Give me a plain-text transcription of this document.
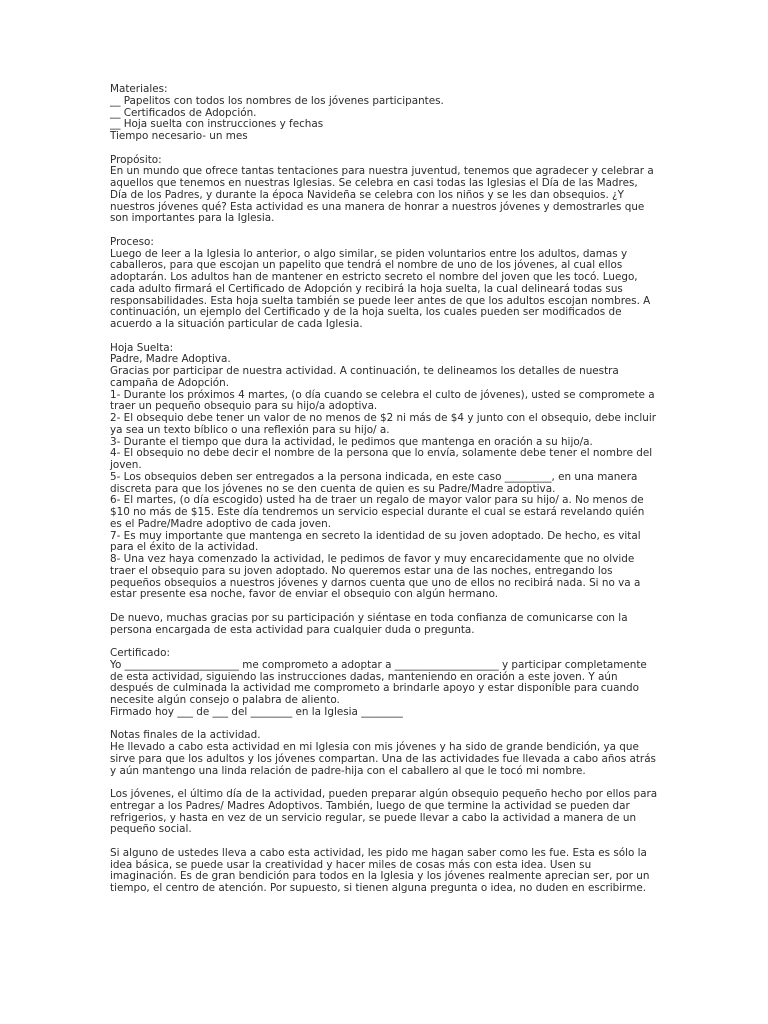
Materiales:
__ Papelitos con todos los nombres de los jóvenes participantes.
__ Certificados de Adopción.
__ Hoja suelta con instrucciones y fechas
Tiempo necesario- un mes
Propósito:
En un mundo que ofrece tantas tentaciones para nuestra juventud, tenemos que agradecer y celebrar a aquellos que tenemos en nuestras Iglesias. Se celebra en casi todas las Iglesias el Día de las Madres, Día de los Padres, y durante la época Navideña se celebra con los niños y se les dan obsequios. ¿Y nuestros jóvenes qué? Esta actividad es una manera de honrar a nuestros jóvenes y demostrarles que son importantes para la Iglesia.
Proceso:
Luego de leer a la Iglesia lo anterior, o algo similar, se piden voluntarios entre los adultos, damas y caballeros, para que escojan un papelito que tendrá el nombre de uno de los jóvenes, al cual ellos adoptarán. Los adultos han de mantener en estricto secreto el nombre del joven que les tocó. Luego, cada adulto firmará el Certificado de Adopción y recibirá la hoja suelta, la cual delineará todas sus responsabilidades. Esta hoja suelta también se puede leer antes de que los adultos escojan nombres. A continuación, un ejemplo del Certificado y de la hoja suelta, los cuales pueden ser modificados de acuerdo a la situación particular de cada Iglesia.
Hoja Suelta:
Padre, Madre Adoptiva.
Gracias por participar de nuestra actividad. A continuación, te delineamos los detalles de nuestra campaña de Adopción.
1- Durante los próximos 4 martes, (o día cuando se celebra el culto de jóvenes), usted se compromete a traer un pequeño obsequio para su hijo/a adoptiva.
2- El obsequio debe tener un valor de no menos de $2 ni más de $4 y junto con el obsequio, debe incluir ya sea un texto bíblico o una reflexión para su hijo/ a.
3- Durante el tiempo que dura la actividad, le pedimos que mantenga en oración a su hijo/a.
4- El obsequio no debe decir el nombre de la persona que lo envía, solamente debe tener el nombre del joven.
5- Los obsequios deben ser entregados a la persona indicada, en este caso _________, en una manera discreta para que los jóvenes no se den cuenta de quien es su Padre/Madre adoptiva.
6- El martes, (o día escogido) usted ha de traer un regalo de mayor valor para su hijo/ a. No menos de $10 no más de $15. Este día tendremos un servicio especial durante el cual se estará revelando quién es el Padre/Madre adoptivo de cada joven.
7- Es muy importante que mantenga en secreto la identidad de su joven adoptado. De hecho, es vital para el éxito de la actividad.
8- Una vez haya comenzado la actividad, le pedimos de favor y muy encarecidamente que no olvide traer el obsequio para su joven adoptado. No queremos estar una de las noches, entregando los pequeños obsequios a nuestros jóvenes y darnos cuenta que uno de ellos no recibirá nada. Si no va a estar presente esa noche, favor de enviar el obsequio con algún hermano.
De nuevo, muchas gracias por su participación y siéntase en toda confianza de comunicarse con la persona encargada de esta actividad para cualquier duda o pregunta.
Certificado:
Yo ______________________ me comprometo a adoptar a ____________________ y participar completamente de esta actividad, siguiendo las instrucciones dadas, manteniendo en oración a este joven. Y aún después de culminada la actividad me comprometo a brindarle apoyo y estar disponible para cuando necesite algún consejo o palabra de aliento.
Firmado hoy ___ de ___ del ________ en la Iglesia ________
Notas finales de la actividad.
He llevado a cabo esta actividad en mi Iglesia con mis jóvenes y ha sido de grande bendición, ya que sirve para que los adultos y los jóvenes compartan. Una de las actividades fue llevada a cabo años atrás y aún mantengo una linda relación de padre-hija con el caballero al que le tocó mi nombre.
Los jóvenes, el último día de la actividad, pueden preparar algún obsequio pequeño hecho por ellos para entregar a los Padres/ Madres Adoptivos. También, luego de que termine la actividad se pueden dar refrigerios, y hasta en vez de un servicio regular, se puede llevar a cabo la actividad a manera de un pequeño social.
Si alguno de ustedes lleva a cabo esta actividad, les pido me hagan saber como les fue. Esta es sólo la idea básica, se puede usar la creatividad y hacer miles de cosas más con esta idea. Usen su imaginación. Es de gran bendición para todos en la Iglesia y los jóvenes realmente aprecian ser, por un tiempo, el centro de atención. Por supuesto, si tienen alguna pregunta o idea, no duden en escribirme.
